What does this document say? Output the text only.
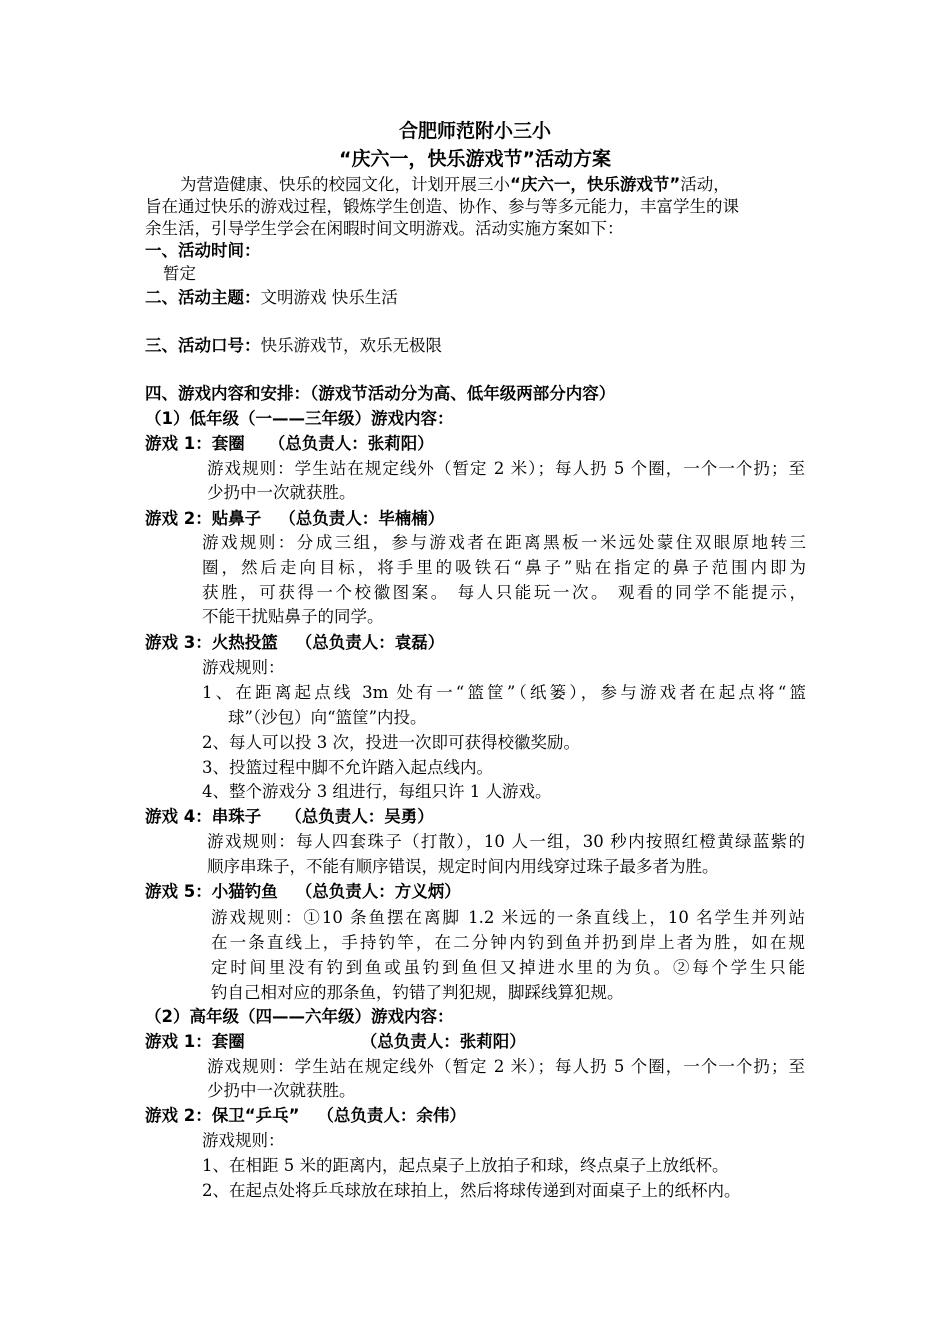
合肥师范附小三小
“庆六一，快乐游戏节”活动方案
为营造健康、快乐的校园文化，计划开展三小“庆六一，快乐游戏节”活动，
旨在通过快乐的游戏过程，锻炼学生创造、协作、参与等多元能力，丰富学生的课
余生活，引导学生学会在闲暇时间文明游戏。活动实施方案如下：
一、活动时间：
暂定
二、活动主题：文明游戏 快乐生活
三、活动口号：快乐游戏节，欢乐无极限
四、游戏内容和安排：（游戏节活动分为高、低年级两部分内容）
（1）低年级（一——三年级）游戏内容：
游戏 1：套圈 （总负责人：张莉阳）
游戏规则：学生站在规定线外（暂定 2 米）；每人扔 5 个圈，一个一个扔；至
少扔中一次就获胜。
游戏 2：贴鼻子 （总负责人：毕楠楠）
游戏规则：分成三组，参与游戏者在距离黑板一米远处蒙住双眼原地转三
圈，然后走向目标，将手里的吸铁石“鼻子”贴在指定的鼻子范围内即为
获胜，可获得一个校徽图案。 每人只能玩一次。 观看的同学不能提示，
不能干扰贴鼻子的同学。
游戏 3：火热投篮 （总负责人：袁磊）
游戏规则：
1、在距离起点线 3m 处有一“篮筐”（纸篓），参与游戏者在起点将“篮
球”（沙包）向“篮筐”内投。
2、每人可以投 3 次，投进一次即可获得校徽奖励。
3、投篮过程中脚不允许踏入起点线内。
4、整个游戏分 3 组进行，每组只许 1 人游戏。
游戏 4：串珠子 （总负责人：吴勇）
游戏规则：每人四套珠子（打散），10 人一组，30 秒内按照红橙黄绿蓝紫的
顺序串珠子，不能有顺序错误，规定时间内用线穿过珠子最多者为胜。
游戏 5：小猫钓鱼 （总负责人：方义炳）
游戏规则：①10 条鱼摆在离脚 1.2 米远的一条直线上，10 名学生并列站
在一条直线上，手持钓竿，在二分钟内钓到鱼并扔到岸上者为胜，如在规
定时间里没有钓到鱼或虽钓到鱼但又掉进水里的为负。②每个学生只能
钓自己相对应的那条鱼，钓错了判犯规，脚踩线算犯规。
（2）高年级（四——六年级）游戏内容：
游戏 1：套圈	（总负责人：张莉阳）
游戏规则：学生站在规定线外（暂定 2 米）；每人扔 5 个圈，一个一个扔；至
少扔中一次就获胜。
游戏 2：保卫“乒乓” （总负责人：余伟）
游戏规则：
1、在相距 5 米的距离内，起点桌子上放拍子和球，终点桌子上放纸杯。
2、在起点处将乒乓球放在球拍上，然后将球传递到对面桌子上的纸杯内。
